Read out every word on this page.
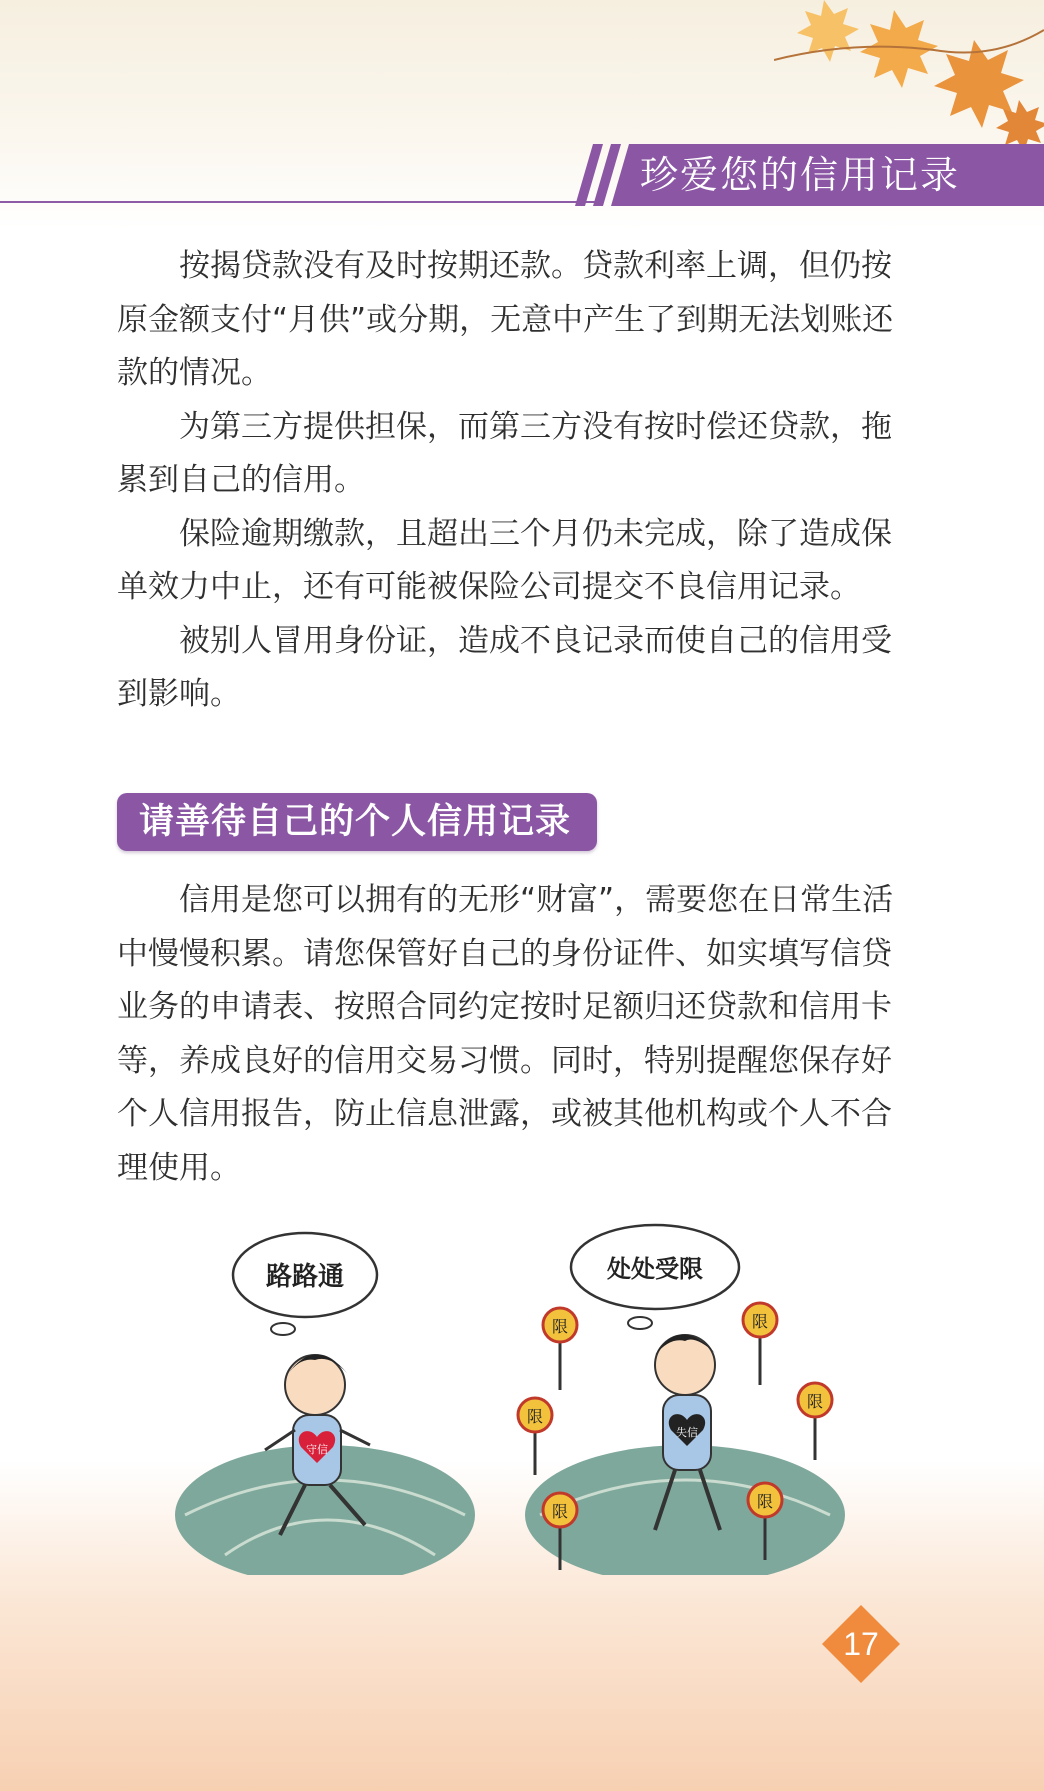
珍爱您的信用记录

按揭贷款没有及时按期还款。贷款利率上调，但仍按原金额支付“月供”或分期，无意中产生了到期无法划账还款的情况。

为第三方提供担保，而第三方没有按时偿还贷款，拖累到自己的信用。

保险逾期缴款，且超出三个月仍未完成，除了造成保单效力中止，还有可能被保险公司提交不良信用记录。

被别人冒用身份证，造成不良记录而使自己的信用受到影响。

请善待自己的个人信用记录

信用是您可以拥有的无形“财富”，需要您在日常生活中慢慢积累。请您保管好自己的身份证件、如实填写信贷业务的申请表、按照合同约定按时足额归还贷款和信用卡等，养成良好的信用交易习惯。同时，特别提醒您保存好个人信用报告，防止信息泄露，或被其他机构或个人不合理使用。

路路通
守信
处处受限
失信
限
限
限
限
限
限
17
